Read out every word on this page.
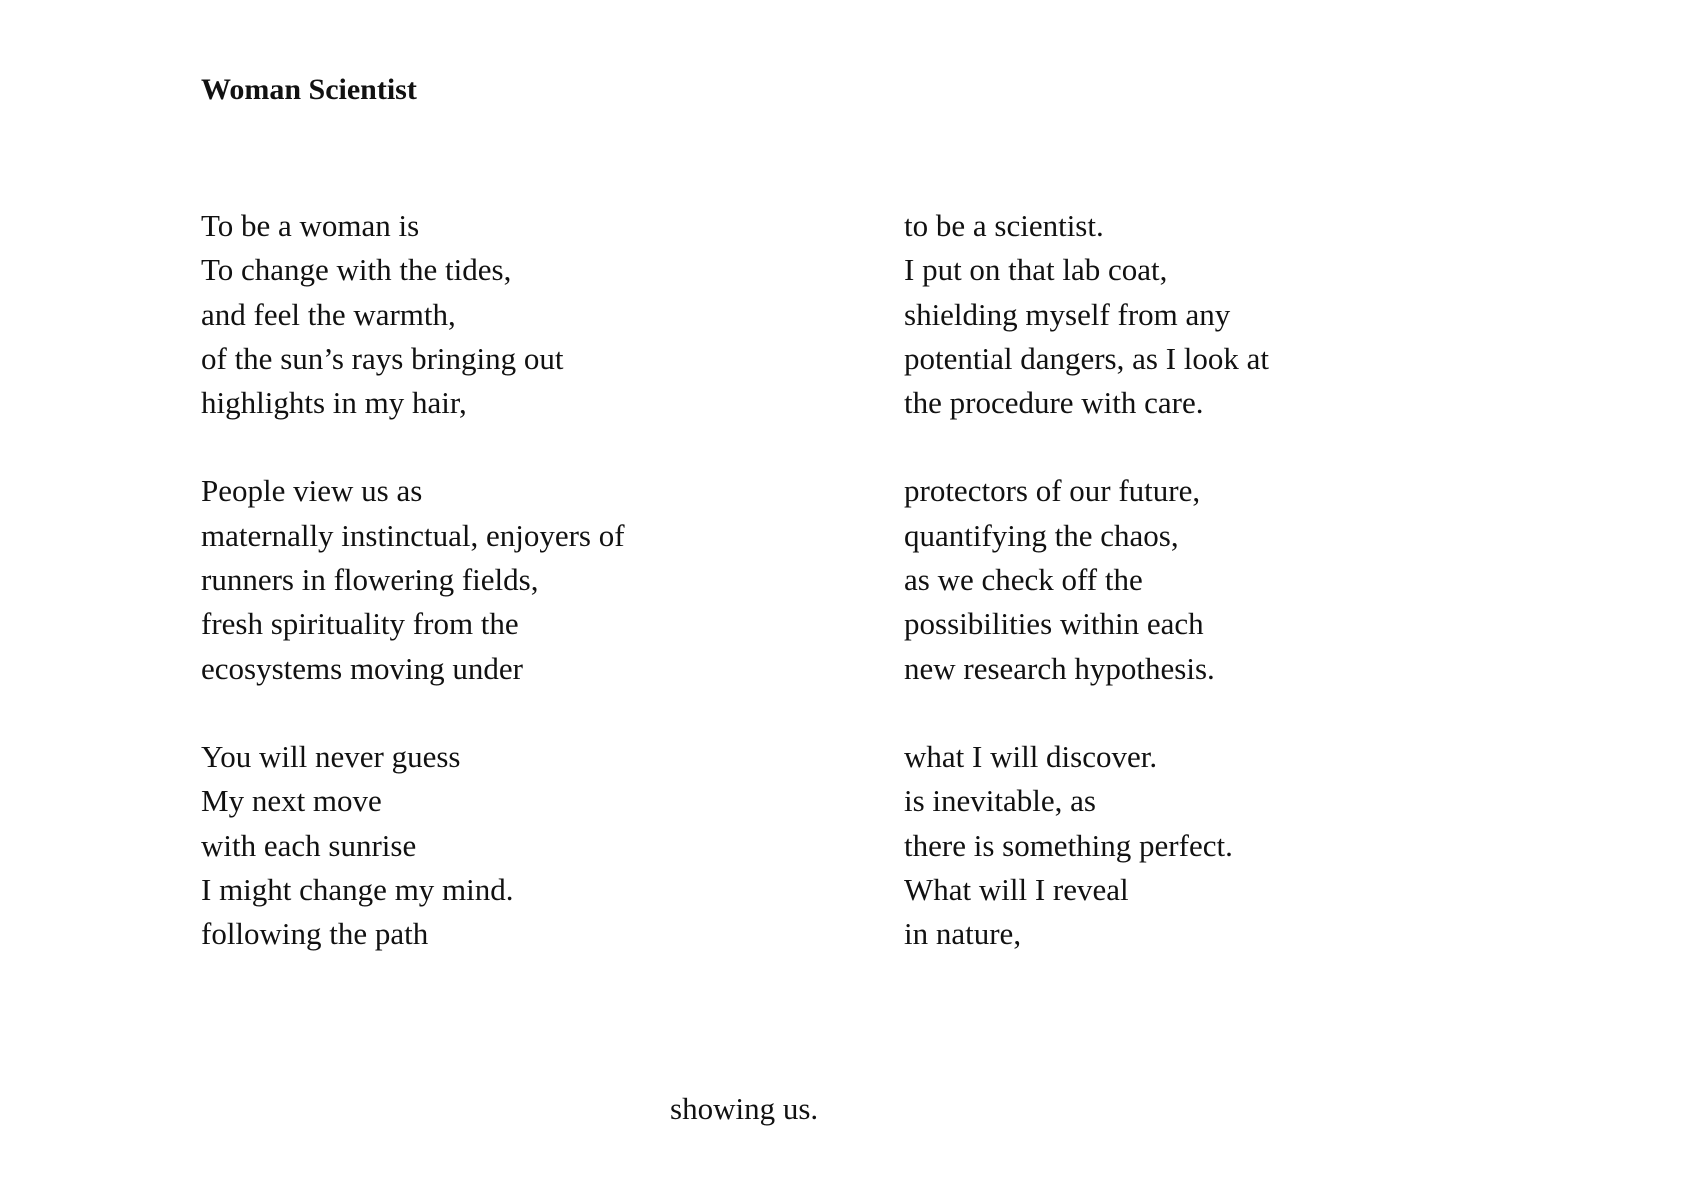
Woman Scientist
To be a woman is
To change with the tides,
and feel the warmth,
of the sun’s rays bringing out
highlights in my hair,
People view us as
maternally instinctual, enjoyers of
runners in flowering fields,
fresh spirituality from the
ecosystems moving under
You will never guess
My next move
with each sunrise
I might change my mind.
following the path
to be a scientist.
I put on that lab coat,
shielding myself from any
potential dangers, as I look at
the procedure with care.
protectors of our future,
quantifying the chaos,
as we check off the
possibilities within each
new research hypothesis.
what I will discover.
is inevitable, as
there is something perfect.
What will I reveal
in nature,
showing us.
